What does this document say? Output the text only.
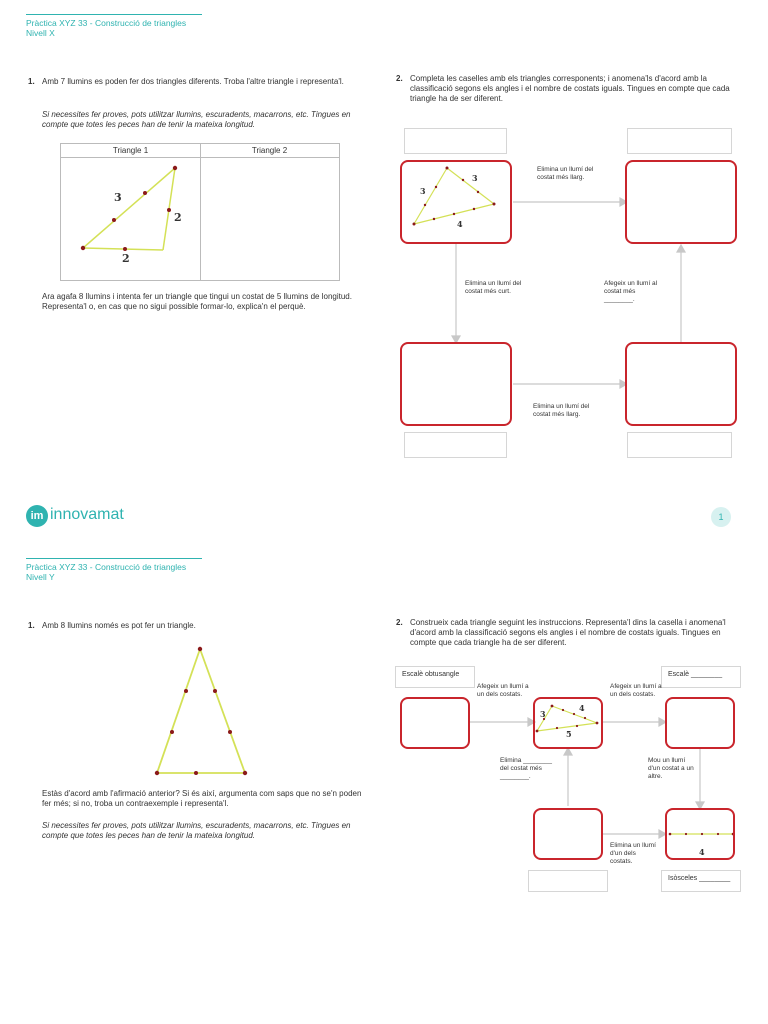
Pràctica XYZ 33 - Construcció de triangles
Nivell X
1. Amb 7 llumins es poden fer dos triangles diferents. Troba l'altre triangle i representa'l.
Si necessites fer proves, pots utilitzar llumins, escuradents, macarrons, etc. Tingues en compte que totes les peces han de tenir la mateixa longitud.
Triangle 1	Triangle 2
3
2
2
Ara agafa 8 llumins i intenta fer un triangle que tingui un costat de 5 llumins de longitud. Representa'l o, en cas que no sigui possible formar-lo, explica'n el perquè.
2. Completa les caselles amb els triangles corresponents; i anomena'ls d'acord amb la classificació segons els angles i el nombre de costats iguals. Tingues en compte que cada triangle ha de ser diferent.
3
3
4
Elimina un llumí del costat més llarg.
Elimina un llumí del costat més curt.
Afegeix un llumí al costat més
________.
Elimina un llumí del costat més llarg.
im innovamat	1
Pràctica XYZ 33 - Construcció de triangles
Nivell Y
1. Amb 8 llumins només es pot fer un triangle.
Estàs d'acord amb l'afirmació anterior? Si és així, argumenta com saps que no se'n poden fer més; si no, troba un contraexemple i representa'l.
Si necessites fer proves, pots utilitzar llumins, escuradents, macarrons, etc. Tingues en compte que totes les peces han de tenir la mateixa longitud.
2. Construeix cada triangle seguint les instruccions. Representa'l dins la casella i anomena'l d'acord amb la classificació segons els angles i el nombre de costats iguals. Tingues en compte que cada triangle ha de ser diferent.
Escalè obtusangle	Escalè ________
Isòsceles ________
Afegeix un llumí a un dels costats.
Afegeix un llumí a un dels costats.
Elimina ________ del costat més ________.
Mou un llumí d'un costat a un altre.
Elimina un llumí d'un dels costats.
3
4
5
4
